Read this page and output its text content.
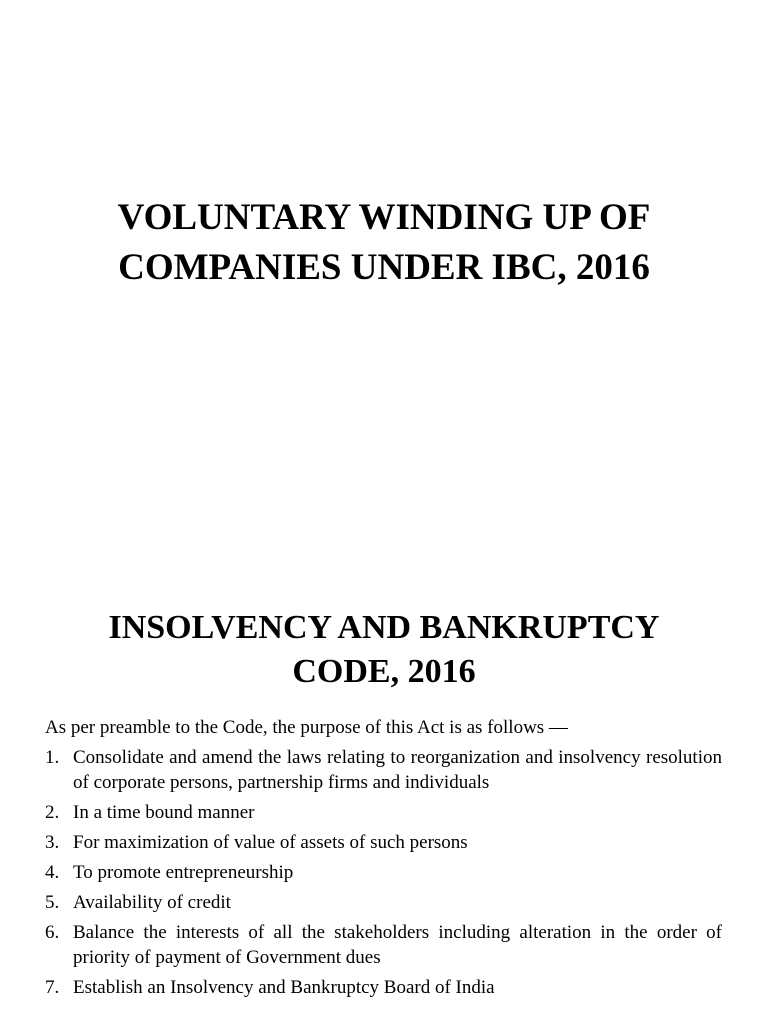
VOLUNTARY WINDING UP OF
COMPANIES UNDER IBC, 2016
INSOLVENCY AND BANKRUPTCY
CODE, 2016

As per preamble to the Code, the purpose of this Act is as follows —

1. Consolidate and amend the laws relating to reorganization and insolvency resolution of corporate persons, partnership firms and individuals
2. In a time bound manner
3. For maximization of value of assets of such persons
4. To promote entrepreneurship
5. Availability of credit
6. Balance the interests of all the stakeholders including alteration in the order of priority of payment of Government dues
7. Establish an Insolvency and Bankruptcy Board of India
